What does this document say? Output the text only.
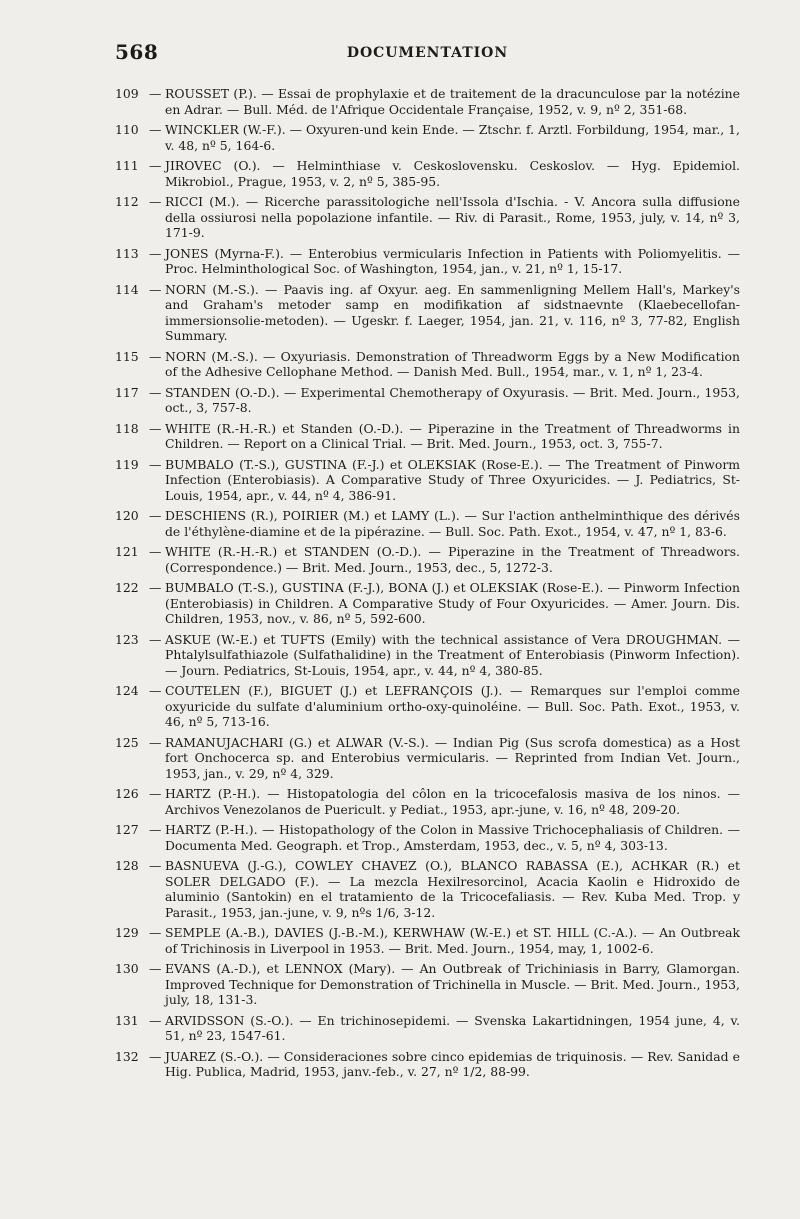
568	DOCUMENTATION
109 — ROUSSET (P.). — Essai de prophylaxie et de traitement de la dracunculose par la notézine en Adrar. — Bull. Méd. de l'Afrique Occidentale Française, 1952, v. 9, nº 2, 351-68.
110 — WINCKLER (W.-F.). — Oxyuren-und kein Ende. — Ztschr. f. Arztl. Forbildung, 1954, mar., 1, v. 48, nº 5, 164-6.
111 — JIROVEC (O.). — Helminthiase v. Ceskoslovensku. Ceskoslov. — Hyg. Epidemiol. Mikrobiol., Prague, 1953, v. 2, nº 5, 385-95.
112 — RICCI (M.). — Ricerche parassitologiche nell'Issola d'Ischia. - V. Ancora sulla diffusione della ossiurosi nella popolazione infantile. — Riv. di Parasit., Rome, 1953, july, v. 14, nº 3, 171-9.
113 — JONES (Myrna-F.). — Enterobius vermicularis Infection in Patients with Poliomyelitis. — Proc. Helminthological Soc. of Washington, 1954, jan., v. 21, nº 1, 15-17.
114 — NORN (M.-S.). — Paavis ing. af Oxyur. aeg. En sammenligning Mellem Hall's, Markey's and Graham's metoder samp en modifikation af sidstnaevnte (Klaebecellofan-immersionsolie-metoden). — Ugeskr. f. Laeger, 1954, jan. 21, v. 116, nº 3, 77-82, English Summary.
115 — NORN (M.-S.). — Oxyuriasis. Demonstration of Threadworm Eggs by a New Modification of the Adhesive Cellophane Method. — Danish Med. Bull., 1954, mar., v. 1, nº 1, 23-4.
117 — STANDEN (O.-D.). — Experimental Chemotherapy of Oxyurasis. — Brit. Med. Journ., 1953, oct., 3, 757-8.
118 — WHITE (R.-H.-R.) et Standen (O.-D.). — Piperazine in the Treatment of Threadworms in Children. — Report on a Clinical Trial. — Brit. Med. Journ., 1953, oct. 3, 755-7.
119 — BUMBALO (T.-S.), GUSTINA (F.-J.) et OLEKSIAK (Rose-E.). — The Treatment of Pinworm Infection (Enterobiasis). A Comparative Study of Three Oxyuricides. — J. Pediatrics, St-Louis, 1954, apr., v. 44, nº 4, 386-91.
120 — DESCHIENS (R.), POIRIER (M.) et LAMY (L.). — Sur l'action anthelminthique des dérivés de l'éthylène-diamine et de la pipérazine. — Bull. Soc. Path. Exot., 1954, v. 47, nº 1, 83-6.
121 — WHITE (R.-H.-R.) et STANDEN (O.-D.). — Piperazine in the Treatment of Threadwors. (Correspondence.) — Brit. Med. Journ., 1953, dec., 5, 1272-3.
122 — BUMBALO (T.-S.), GUSTINA (F.-J.), BONA (J.) et OLEKSIAK (Rose-E.). — Pinworm Infection (Enterobiasis) in Children. A Comparative Study of Four Oxyuricides. — Amer. Journ. Dis. Children, 1953, nov., v. 86, nº 5, 592-600.
123 — ASKUE (W.-E.) et TUFTS (Emily) with the technical assistance of Vera DROUGHMAN. — Phtalylsulfathiazole (Sulfathalidine) in the Treatment of Enterobiasis (Pinworm Infection). — Journ. Pediatrics, St-Louis, 1954, apr., v. 44, nº 4, 380-85.
124 — COUTELEN (F.), BIGUET (J.) et LEFRANÇOIS (J.). — Remarques sur l'emploi comme oxyuricide du sulfate d'aluminium ortho-oxy-quinoléine. — Bull. Soc. Path. Exot., 1953, v. 46, nº 5, 713-16.
125 — RAMANUJACHARI (G.) et ALWAR (V.-S.). — Indian Pig (Sus scrofa domestica) as a Host fort Onchocerca sp. and Enterobius vermicularis. — Reprinted from Indian Vet. Journ., 1953, jan., v. 29, nº 4, 329.
126 — HARTZ (P.-H.). — Histopatologia del côlon en la tricocefalosis masiva de los ninos. — Archivos Venezolanos de Puericult. y Pediat., 1953, apr.-june, v. 16, nº 48, 209-20.
127 — HARTZ (P.-H.). — Histopathology of the Colon in Massive Trichocephaliasis of Children. — Documenta Med. Geograph. et Trop., Amsterdam, 1953, dec., v. 5, nº 4, 303-13.
128 — BASNUEVA (J.-G.), COWLEY CHAVEZ (O.), BLANCO RABASSA (E.), ACHKAR (R.) et SOLER DELGADO (F.). — La mezcla Hexilresorcinol, Acacia Kaolin e Hidroxido de aluminio (Santokin) en el tratamiento de la Tricocefaliasis. — Rev. Kuba Med. Trop. y Parasit., 1953, jan.-june, v. 9, nºs 1/6, 3-12.
129 — SEMPLE (A.-B.), DAVIES (J.-B.-M.), KERWHAW (W.-E.) et ST. HILL (C.-A.). — An Outbreak of Trichinosis in Liverpool in 1953. — Brit. Med. Journ., 1954, may, 1, 1002-6.
130 — EVANS (A.-D.), et LENNOX (Mary). — An Outbreak of Trichiniasis in Barry, Glamorgan. Improved Technique for Demonstration of Trichinella in Muscle. — Brit. Med. Journ., 1953, july, 18, 131-3.
131 — ARVIDSSON (S.-O.). — En trichinosepidemi. — Svenska Lakartidningen, 1954 june, 4, v. 51, nº 23, 1547-61.
132 — JUAREZ (S.-O.). — Consideraciones sobre cinco epidemias de triquinosis. — Rev. Sanidad e Hig. Publica, Madrid, 1953, janv.-feb., v. 27, nº 1/2, 88-99.
